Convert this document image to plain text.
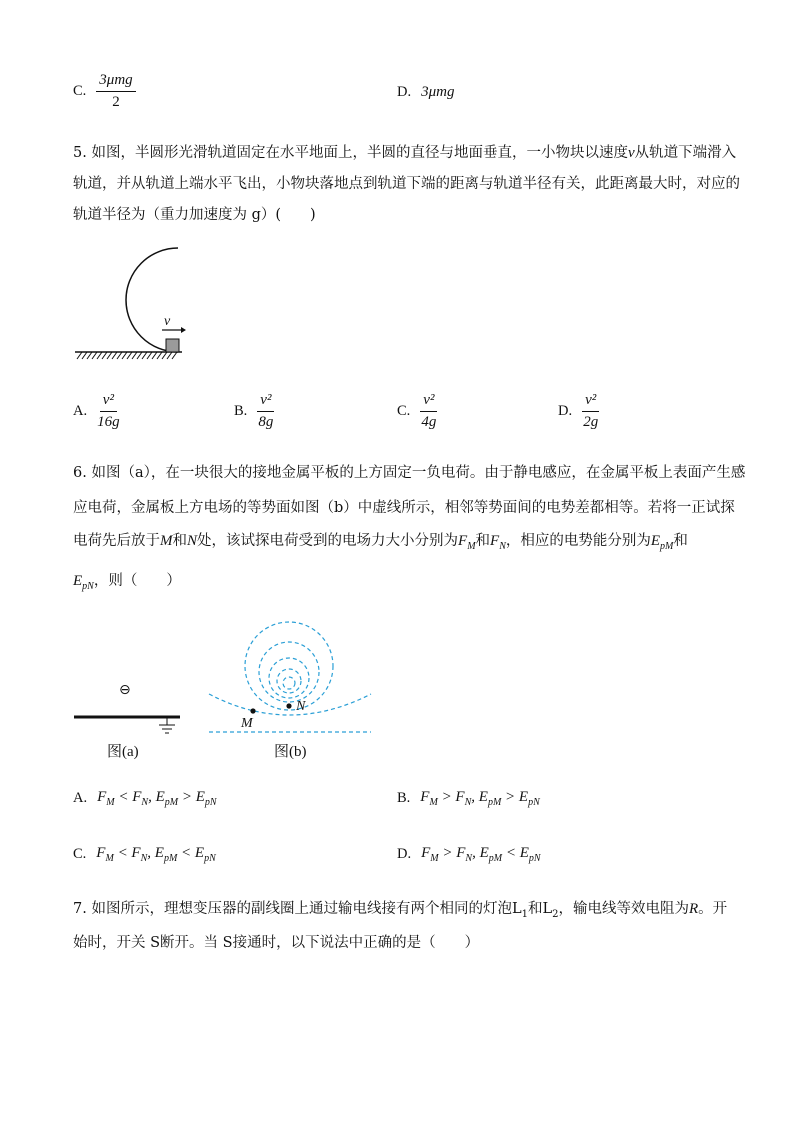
C. $\frac{\text{3μmg}}{2}$	D. 3μmg
5. 如图，半圆形光滑轨道固定在水平地面上，半圆的直径与地面垂直，一小物块以速度v从轨道下端滑入
轨道，并从轨道上端水平飞出，小物块落地点到轨道下端的距离与轨道半径有关，此距离最大时，对应的
轨道半径为（重力加速度为 g）(　　)
v
A. $\frac{\text{v²}}{16g}$	B. $\frac{\text{v²}}{8g}$	C. $\frac{\text{v²}}{4g}$	D. $\frac{\text{v²}}{2g}$
6. 如图（a），在一块很大的接地金属平板的上方固定一负电荷。由于静电感应，在金属平板上表面产生感
应电荷，金属板上方电场的等势面如图（b）中虚线所示，相邻等势面间的电势差都相等。若将一正试探
电荷先后放于M和N处，该试探电荷受到的电场力大小分别为$F_M$和$F_N$，相应的电势能分别为$E_{pM}$和
$E_{pN}$，则（　　）
⊖
图(a)
M
N
图(b)
A. $F_M < F_N$, $E_{pM} > E_{pN}$	B. $F_M > F_N$, $E_{pM} > E_{pN}$
C. $F_M < F_N$, $E_{pM} < E_{pN}$	D. $F_M > F_N$, $E_{pM} < E_{pN}$
7. 如图所示，理想变压器的副线圈上通过输电线接有两个相同的灯泡$L_1$和$L_2$，输电线等效电阻为R。开
始时，开关 S断开。当 S接通时，以下说法中正确的是（　　）
